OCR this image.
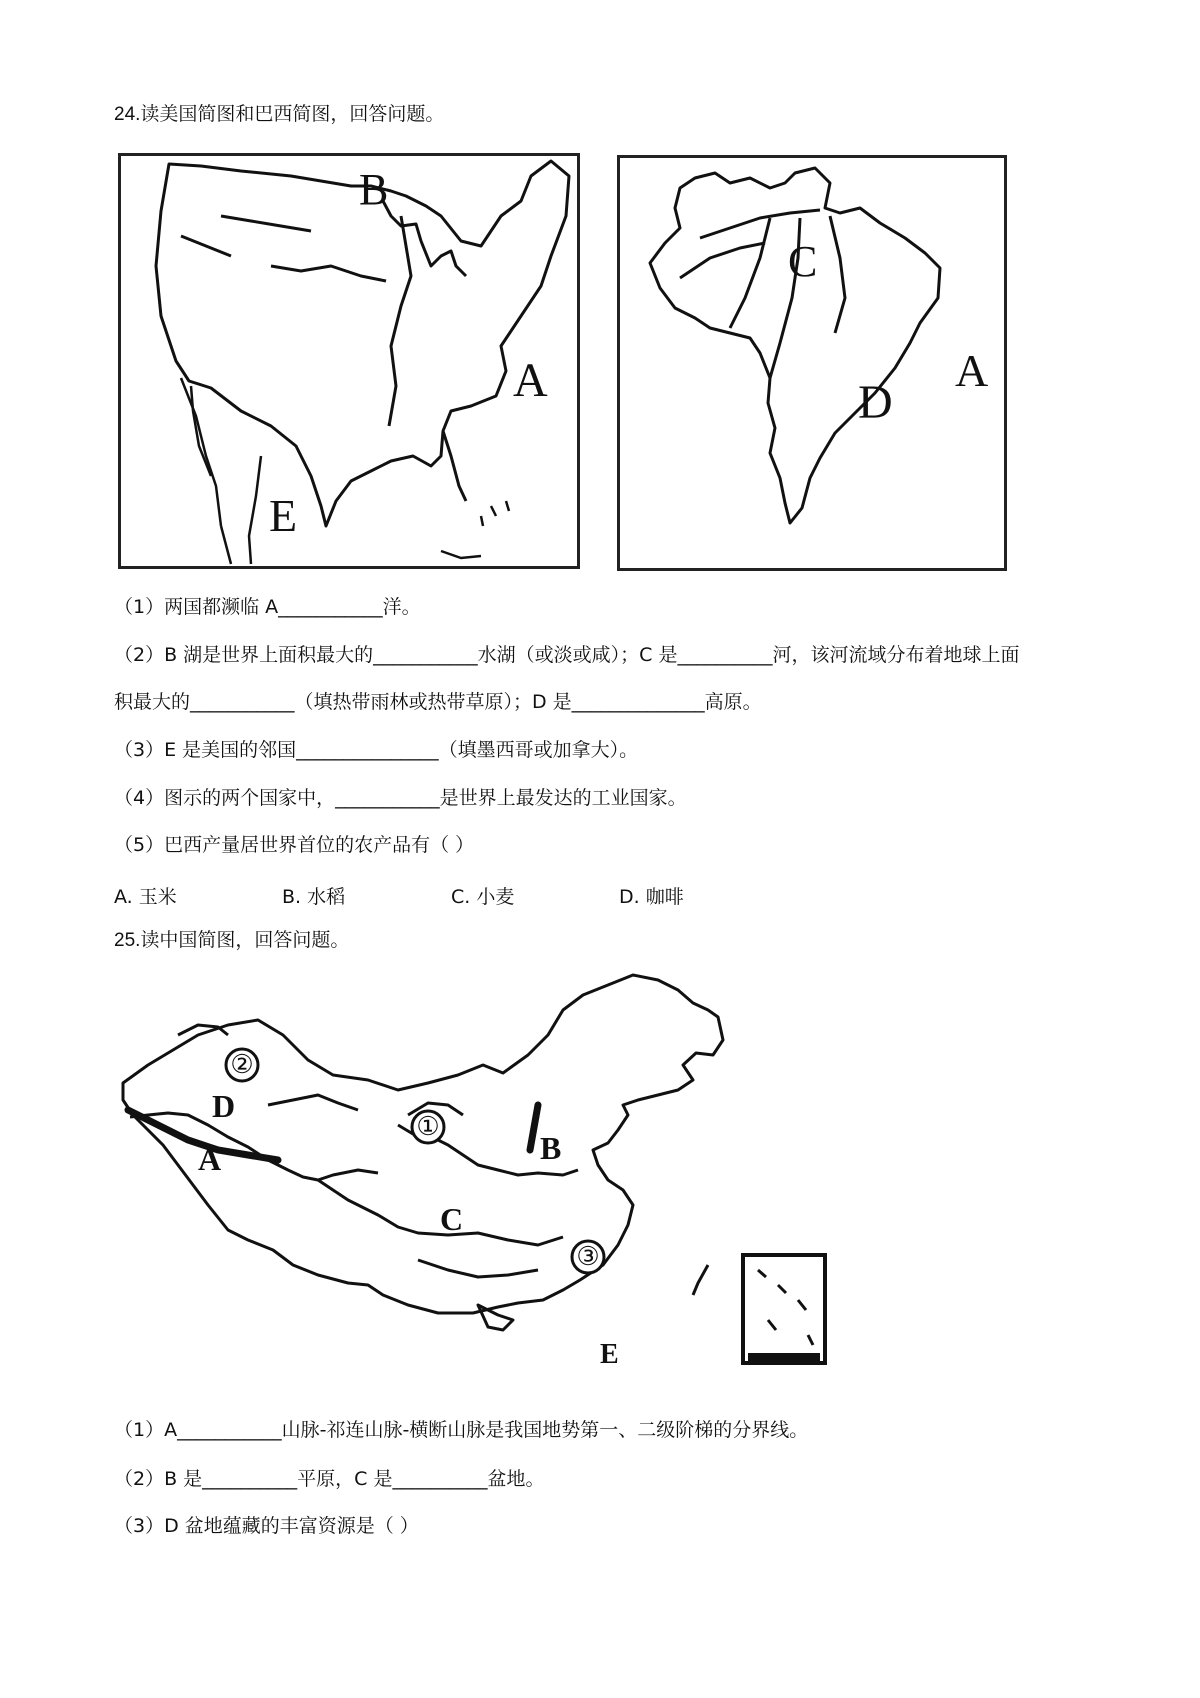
24.读美国简图和巴西简图，回答问题。
B
A
E
C
D
A
（1）两国都濒临 A___________洋。
（2）B 湖是世界上面积最大的___________水湖（或淡或咸）；C 是__________河，该河流域分布着地球上面
积最大的___________（填热带雨林或热带草原）；D 是______________高原。
（3）E 是美国的邻国_______________（填墨西哥或加拿大）。
（4）图示的两个国家中，___________是世界上最发达的工业国家。
（5）巴西产量居世界首位的农产品有（ ）
A. 玉米	B. 水稻	C. 小麦	D. 咖啡
25.读中国简图，回答问题。
②
①
③
D
A	B
C
E
（1）A___________山脉-祁连山脉-横断山脉是我国地势第一、二级阶梯的分界线。
（2）B 是__________平原，C 是__________盆地。
（3）D 盆地蕴藏的丰富资源是（ ）
